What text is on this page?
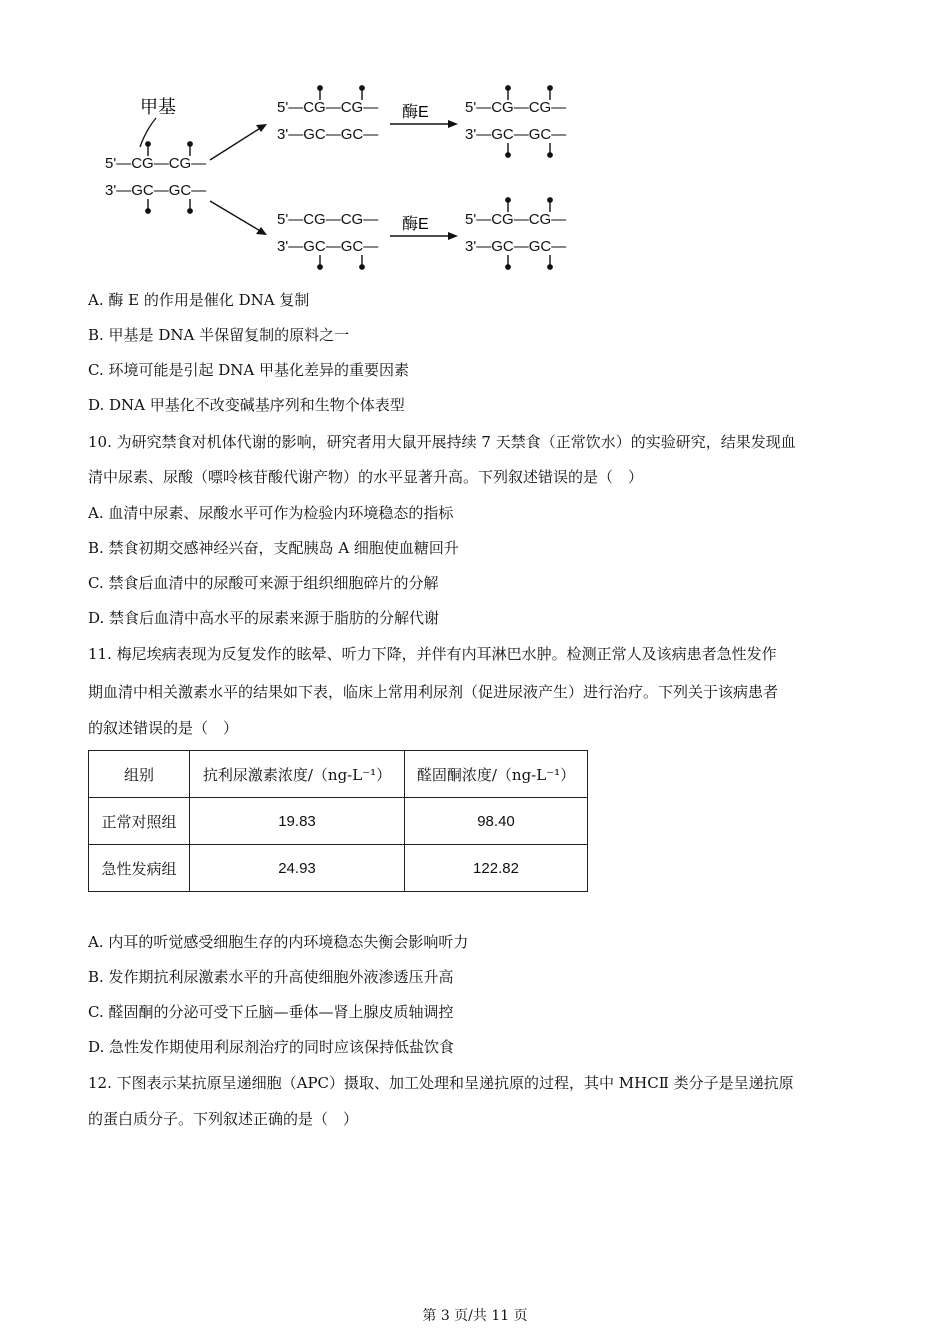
5'—CG—CG—
3'—GC—GC—
5'—CG—CG—
3'—GC—GC—
5'—CG—CG—
3'—GC—GC—
5'—CG—CG—
3'—GC—GC—
5'—CG—CG—
3'—GC—GC—
甲基	酶E
酶E
A. 酶 E 的作用是催化 DNA 复制
B. 甲基是 DNA 半保留复制的原料之一
C. 环境可能是引起 DNA 甲基化差异的重要因素
D. DNA 甲基化不改变碱基序列和生物个体表型
10. 为研究禁食对机体代谢的影响，研究者用大鼠开展持续 7 天禁食（正常饮水）的实验研究，结果发现血
清中尿素、尿酸（嘌呤核苷酸代谢产物）的水平显著升高。下列叙述错误的是（　）
A. 血清中尿素、尿酸水平可作为检验内环境稳态的指标
B. 禁食初期交感神经兴奋，支配胰岛 A 细胞使血糖回升
C. 禁食后血清中的尿酸可来源于组织细胞碎片的分解
D. 禁食后血清中高水平的尿素来源于脂肪的分解代谢
11. 梅尼埃病表现为反复发作的眩晕、听力下降，并伴有内耳淋巴水肿。检测正常人及该病患者急性发作
期血清中相关激素水平的结果如下表，临床上常用利尿剂（促进尿液产生）进行治疗。下列关于该病患者
的叙述错误的是（　）
组别	抗利尿激素浓度/（ng-L⁻¹）	醛固酮浓度/（ng-L⁻¹）
正常对照组	19.83	98.40
急性发病组	24.93	122.82
A. 内耳的听觉感受细胞生存的内环境稳态失衡会影响听力
B. 发作期抗利尿激素水平的升高使细胞外液渗透压升高
C. 醛固酮的分泌可受下丘脑—垂体—肾上腺皮质轴调控
D. 急性发作期使用利尿剂治疗的同时应该保持低盐饮食
12. 下图表示某抗原呈递细胞（APC）摄取、加工处理和呈递抗原的过程，其中 MHCⅡ 类分子是呈递抗原
的蛋白质分子。下列叙述正确的是（　）
第 3 页/共 11 页
